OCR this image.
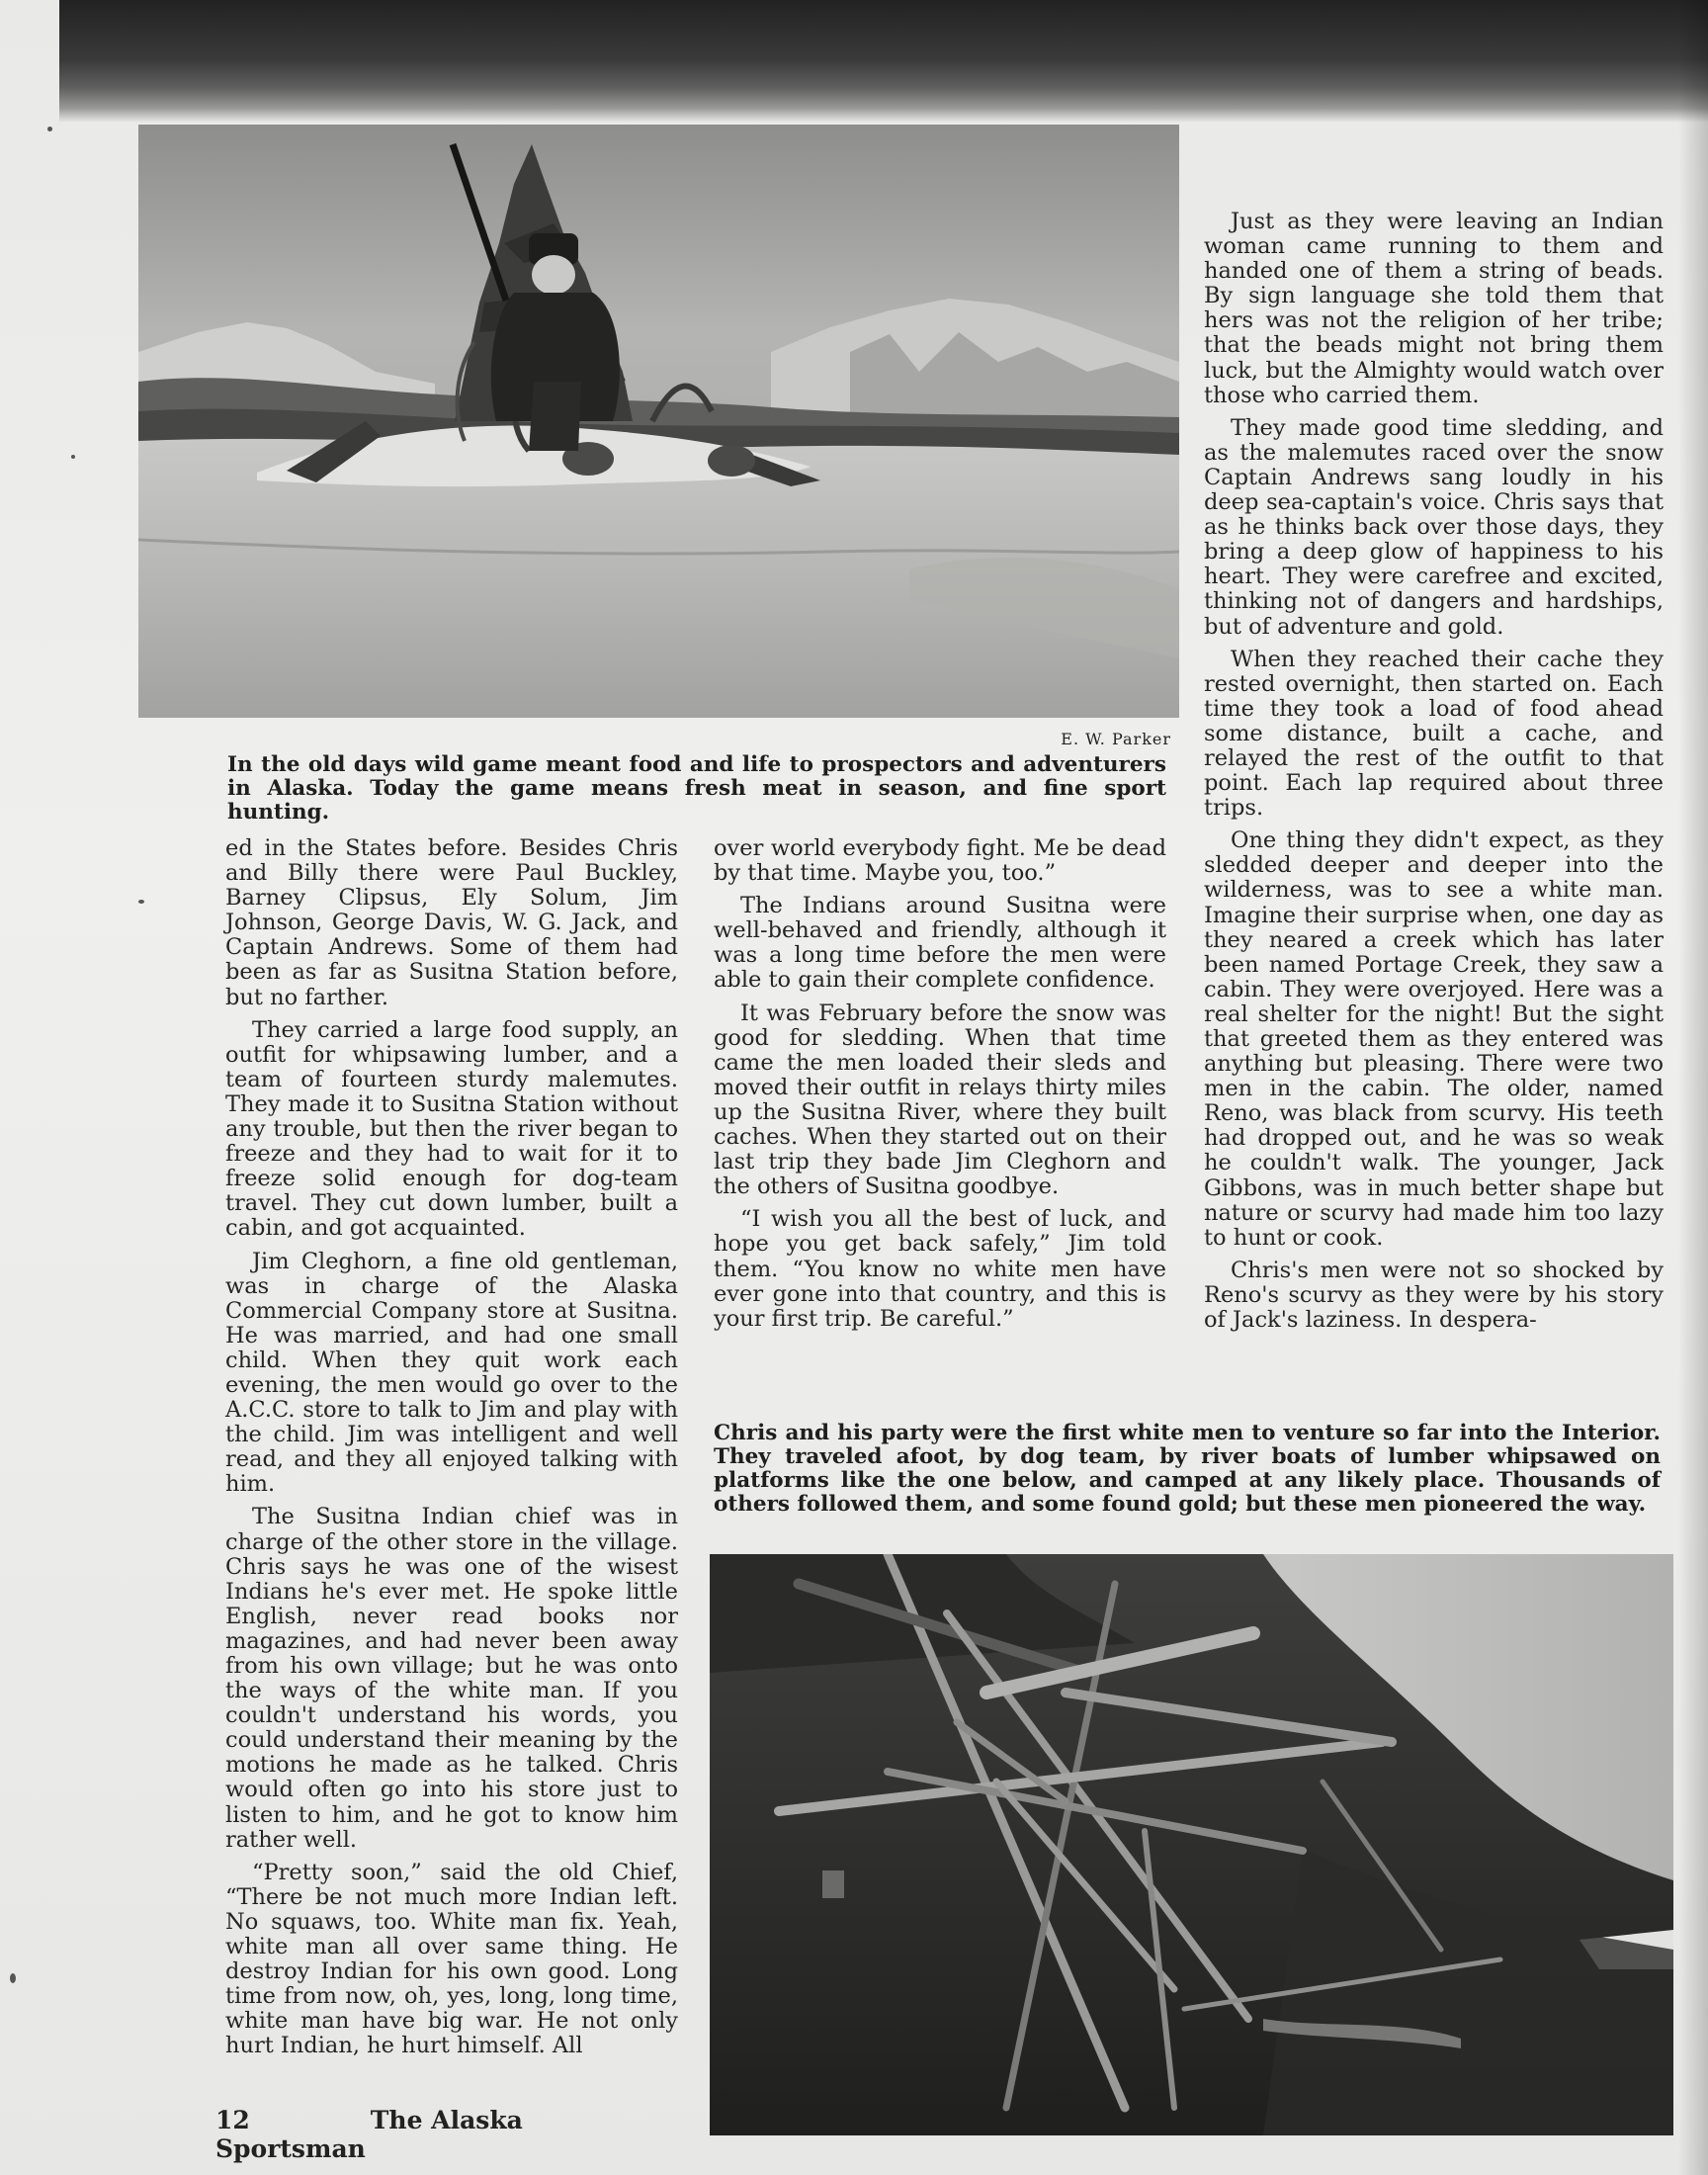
E. W. Parker
In the old days wild game meant food and life to prospectors and adventurers in Alaska. Today the game means fresh meat in season, and fine sport hunting.

ed in the States before. Besides Chris and Billy there were Paul Buckley, Barney Clipsus, Ely Solum, Jim Johnson, George Davis, W. G. Jack, and Captain Andrews. Some of them had been as far as Susitna Station before, but no farther.

They carried a large food supply, an outfit for whipsawing lumber, and a team of fourteen sturdy malemutes. They made it to Susitna Station without any trouble, but then the river began to freeze and they had to wait for it to freeze solid enough for dog-team travel. They cut down lumber, built a cabin, and got acquainted.

Jim Cleghorn, a fine old gentleman, was in charge of the Alaska Commercial Company store at Susitna. He was married, and had one small child. When they quit work each evening, the men would go over to the A.C.C. store to talk to Jim and play with the child. Jim was intelligent and well read, and they all enjoyed talking with him.

The Susitna Indian chief was in charge of the other store in the village. Chris says he was one of the wisest Indians he's ever met. He spoke little English, never read books nor magazines, and had never been away from his own village; but he was onto the ways of the white man. If you couldn't understand his words, you could understand their meaning by the motions he made as he talked. Chris would often go into his store just to listen to him, and he got to know him rather well.

“Pretty soon,” said the old Chief, “There be not much more Indian left. No squaws, too. White man fix. Yeah, white man all over same thing. He destroy Indian for his own good. Long time from now, oh, yes, long, long time, white man have big war. He not only hurt Indian, he hurt himself. All

over world everybody fight. Me be dead by that time. Maybe you, too.”

The Indians around Susitna were well-behaved and friendly, although it was a long time before the men were able to gain their complete confidence.

It was February before the snow was good for sledding. When that time came the men loaded their sleds and moved their outfit in relays thirty miles up the Susitna River, where they built caches. When they started out on their last trip they bade Jim Cleghorn and the others of Susitna goodbye.

“I wish you all the best of luck, and hope you get back safely,” Jim told them. “You know no white men have ever gone into that country, and this is your first trip. Be careful.”

Just as they were leaving an Indian woman came running to them and handed one of them a string of beads. By sign language she told them that hers was not the religion of her tribe; that the beads might not bring them luck, but the Almighty would watch over those who carried them.

They made good time sledding, and as the malemutes raced over the snow Captain Andrews sang loudly in his deep sea-captain's voice. Chris says that as he thinks back over those days, they bring a deep glow of happiness to his heart. They were carefree and excited, thinking not of dangers and hardships, but of adventure and gold.

When they reached their cache they rested overnight, then started on. Each time they took a load of food ahead some distance, built a cache, and relayed the rest of the outfit to that point. Each lap required about three trips.

One thing they didn't expect, as they sledded deeper and deeper into the wilderness, was to see a white man. Imagine their surprise when, one day as they neared a creek which has later been named Portage Creek, they saw a cabin. They were overjoyed. Here was a real shelter for the night! But the sight that greeted them as they entered was anything but pleasing. There were two men in the cabin. The older, named Reno, was black from scurvy. His teeth had dropped out, and he was so weak he couldn't walk. The younger, Jack Gibbons, was in much better shape but nature or scurvy had made him too lazy to hunt or cook.

Chris's men were not so shocked by Reno's scurvy as they were by his story of Jack's laziness. In despera-

Chris and his party were the first white men to venture so far into the Interior. They traveled afoot, by dog team, by river boats of lumber whipsawed on platforms like the one below, and camped at any likely place. Thousands of others followed them, and some found gold; but these men pioneered the way.
12	The Alaska Sportsman
